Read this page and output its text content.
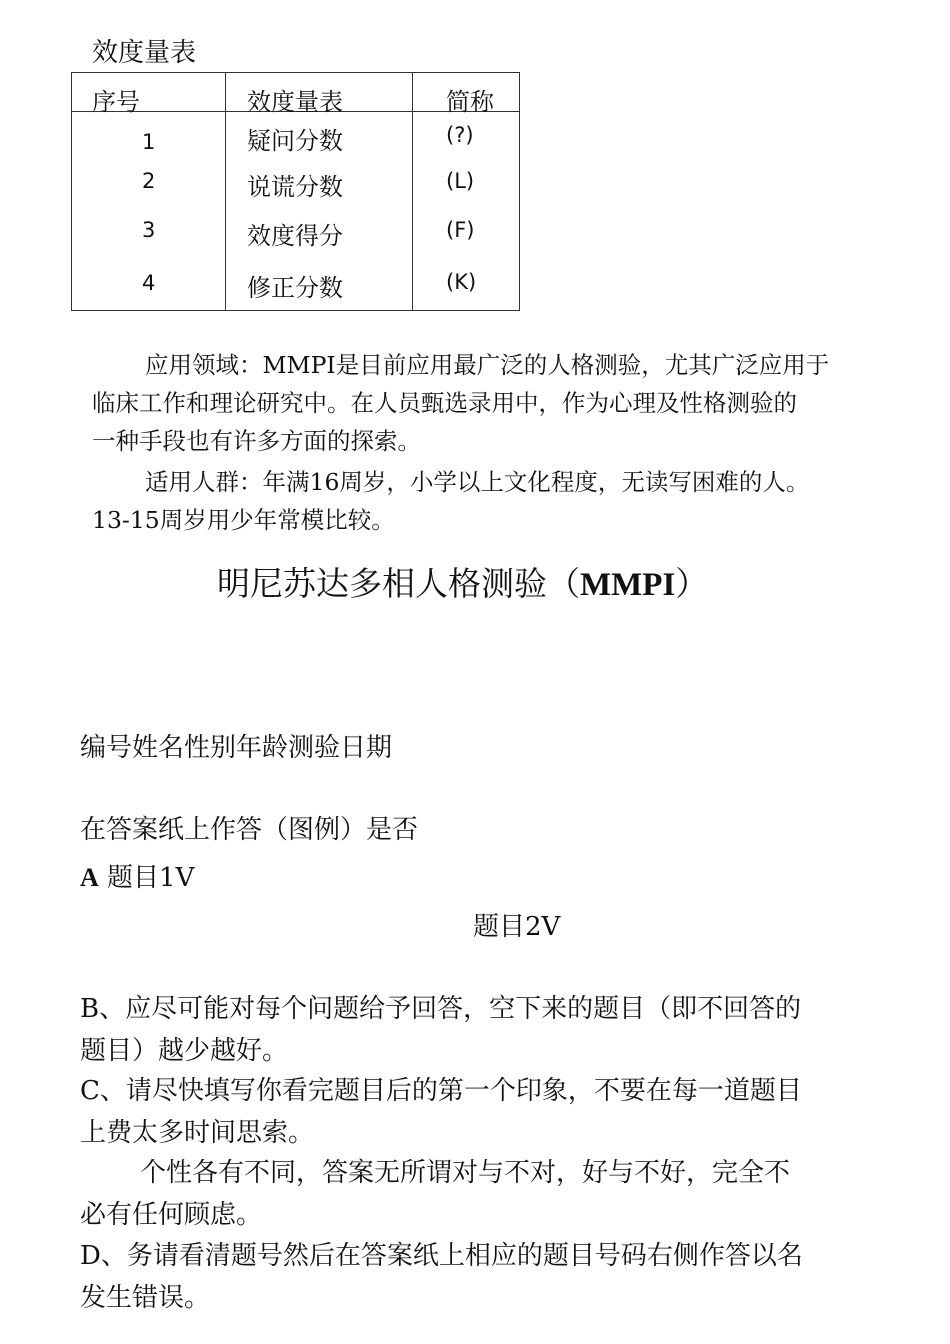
效度量表
序号	效度量表	简称
1	疑问分数	(?)
2	说谎分数	(L)
3	效度得分	(F)
4	修正分数	(K)
应用领域：MMPI是目前应用最广泛的人格测验，尤其广泛应用于
临床工作和理论研究中。在人员甄选录用中，作为心理及性格测验的
一种手段也有许多方面的探索。
适用人群：年满16周岁，小学以上文化程度，无读写困难的人。
13-15周岁用少年常模比较。
明尼苏达多相人格测验（MMPI）
编号姓名性别年龄测验日期
在答案纸上作答（图例）是否
A 题目1V
题目2V
B、应尽可能对每个问题给予回答，空下来的题目（即不回答的
题目）越少越好。
C、请尽快填写你看完题目后的第一个印象，不要在每一道题目
上费太多时间思索。
个性各有不同，答案无所谓对与不对，好与不好，完全不
必有任何顾虑。
D、务请看清题号然后在答案纸上相应的题目号码右侧作答以名
发生错误。
